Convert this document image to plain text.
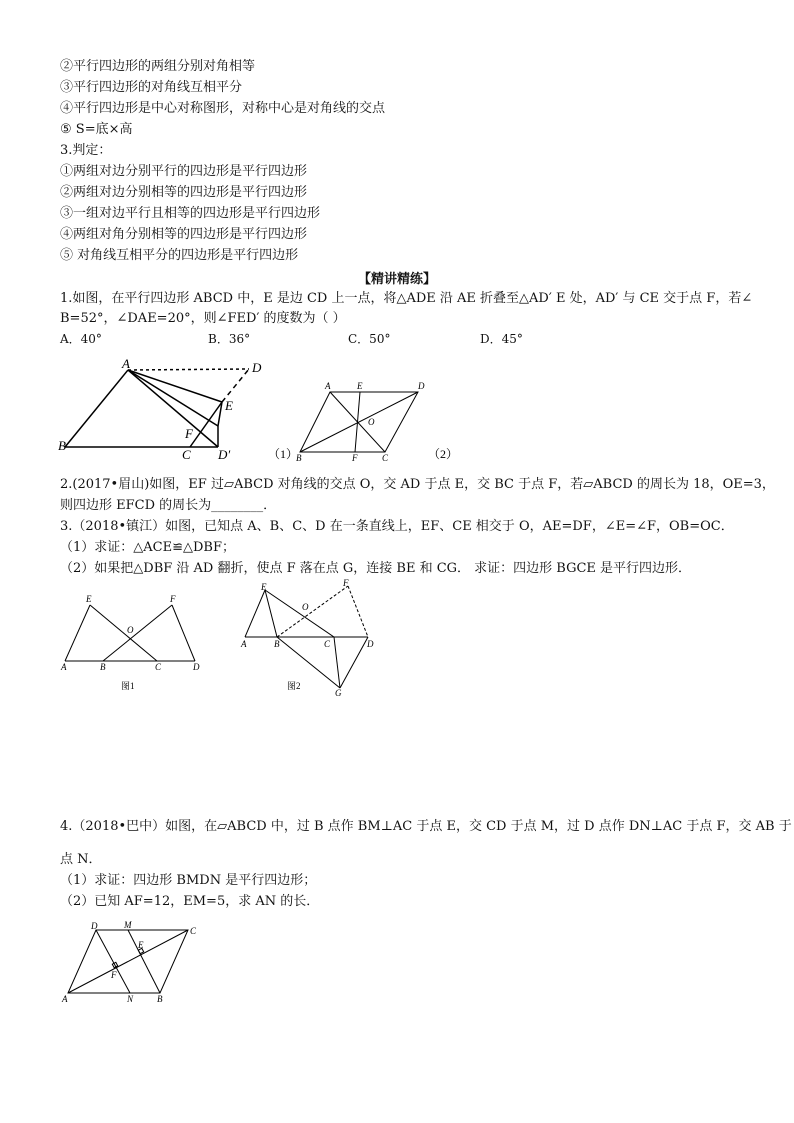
②平行四边形的两组分别对角相等
③平行四边形的对角线互相平分
④平行四边形是中心对称图形，对称中心是对角线的交点
⑤ S=底×高
3.判定：
①两组对边分别平行的四边形是平行四边形
②两组对边分别相等的四边形是平行四边形
③一组对边平行且相等的四边形是平行四边形
④两组对角分别相等的四边形是平行四边形
⑤ 对角线互相平分的四边形是平行四边形
【精讲精练】
1.如图，在平行四边形 ABCD 中，E 是边 CD 上一点，将△ADE 沿 AE 折叠至△AD′ E 处，AD′ 与 CE 交于点 F，若∠
B=52°，∠DAE=20°，则∠FED′ 的度数为（ ）
A．40°	B．36°	C．50°	D．45°
A
B
C
D
E
F
D′	（1）
A	E	D
O
B	F	C	（2）
2.(2017•眉山)如图，EF 过▱ABCD 对角线的交点 O，交 AD 于点 E，交 BC 于点 F，若▱ABCD 的周长为 18，OE=3，
则四边形 EFCD 的周长为________．
3.（2018•镇江）如图，已知点 A、B、C、D 在一条直线上，EF、CE 相交于 O，AE=DF，∠E=∠F，OB=OC．
（1）求证：△ACE≌△DBF；
（2）如果把△DBF 沿 AD 翻折，使点 F 落在点 G，连接 BE 和 CG． 求证：四边形 BGCE 是平行四边形．
E	F
O
A	B	C	D
图1
E	F
O
A	B	C	D
G
图2
4.（2018•巴中）如图，在▱ABCD 中，过 B 点作 BM⊥AC 于点 E，交 CD 于点 M，过 D 点作 DN⊥AC 于点 F，交 AB 于
点 N．
（1）求证：四边形 BMDN 是平行四边形；
（2）已知 AF=12，EM=5，求 AN 的长．
D	M
C
E
F
A	N	B
